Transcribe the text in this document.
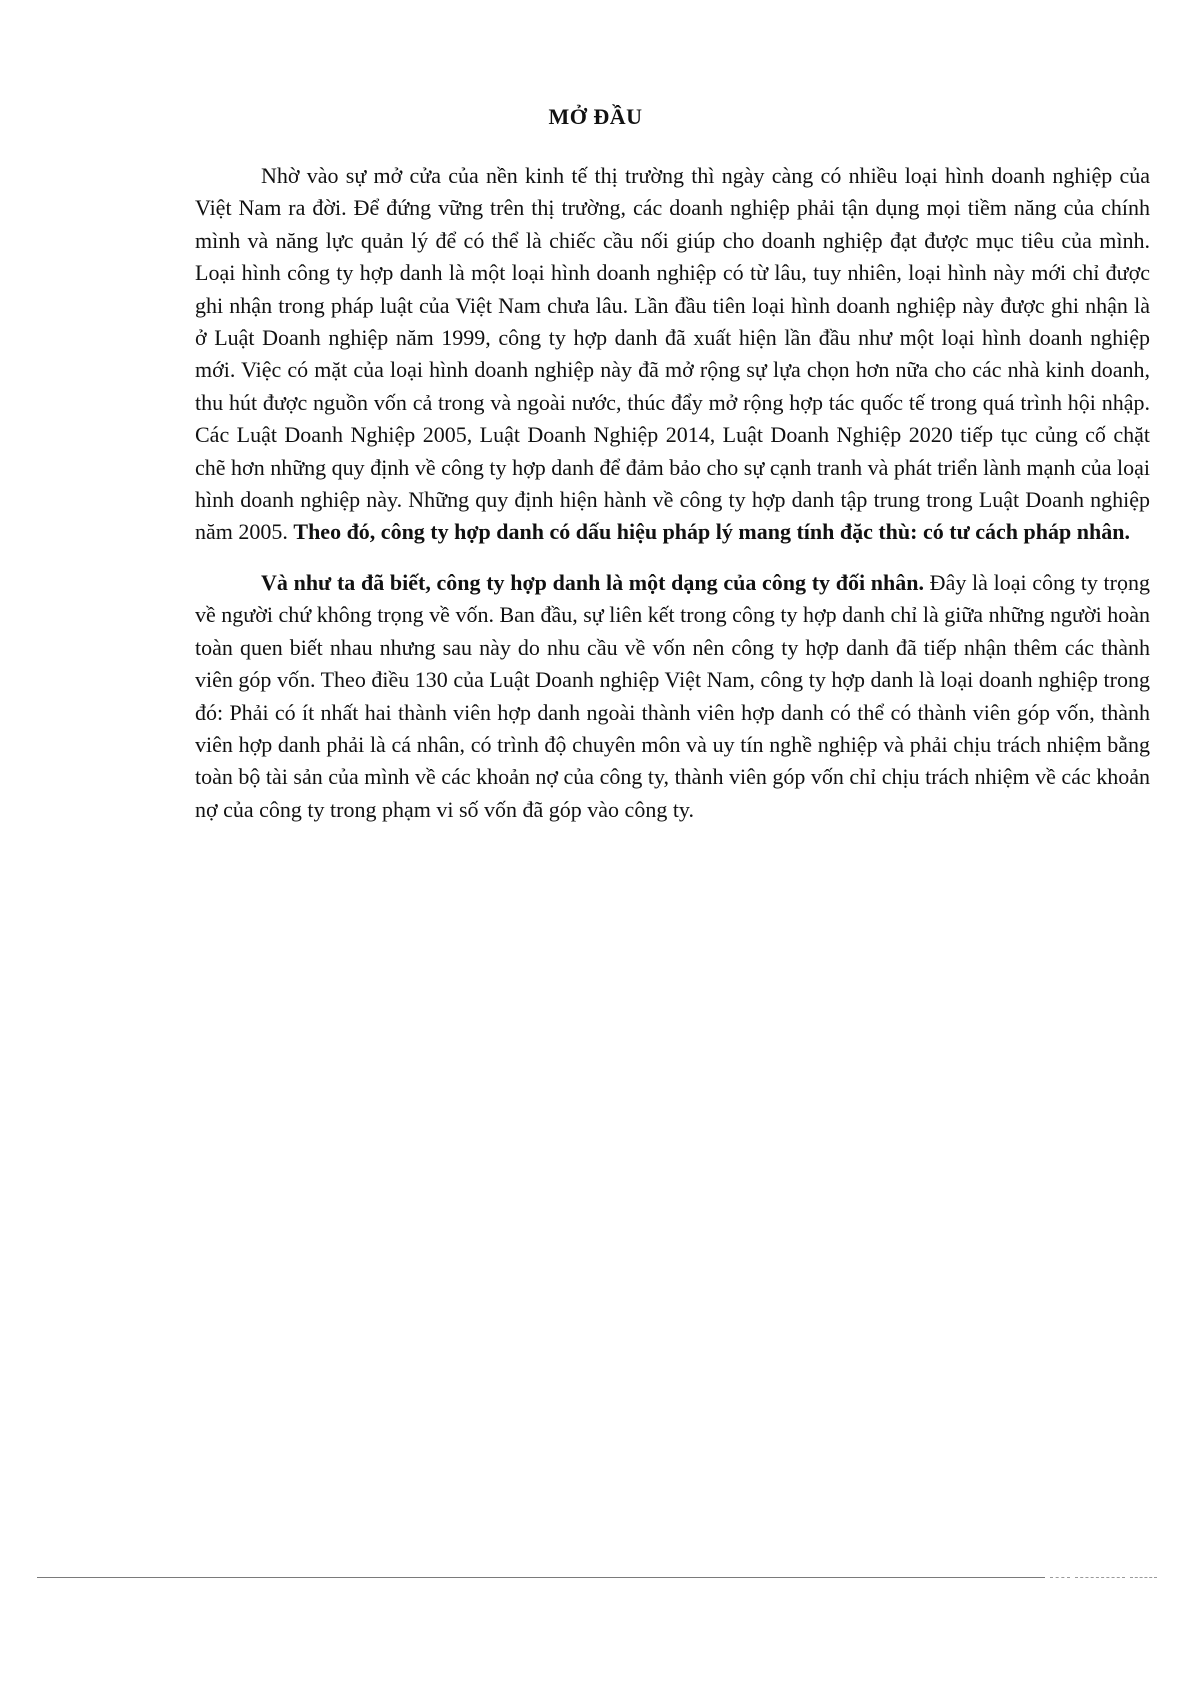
MỞ ĐẦU

Nhờ vào sự mở cửa của nền kinh tế thị trường thì ngày càng có nhiều loại hình doanh nghiệp của Việt Nam ra đời. Để đứng vững trên thị trường, các doanh nghiệp phải tận dụng mọi tiềm năng của chính mình và năng lực quản lý để có thể là chiếc cầu nối giúp cho doanh nghiệp đạt được mục tiêu của mình. Loại hình công ty hợp danh là một loại hình doanh nghiệp có từ lâu, tuy nhiên, loại hình này mới chỉ được ghi nhận trong pháp luật của Việt Nam chưa lâu. Lần đầu tiên loại hình doanh nghiệp này được ghi nhận là ở Luật Doanh nghiệp năm 1999, công ty hợp danh đã xuất hiện lần đầu như một loại hình doanh nghiệp mới. Việc có mặt của loại hình doanh nghiệp này đã mở rộng sự lựa chọn hơn nữa cho các nhà kinh doanh, thu hút được nguồn vốn cả trong và ngoài nước, thúc đẩy mở rộng hợp tác quốc tế trong quá trình hội nhập. Các Luật Doanh Nghiệp 2005, Luật Doanh Nghiệp 2014, Luật Doanh Nghiệp 2020 tiếp tục củng cố chặt chẽ hơn những quy định về công ty hợp danh để đảm bảo cho sự cạnh tranh và phát triển lành mạnh của loại hình doanh nghiệp này. Những quy định hiện hành về công ty hợp danh tập trung trong Luật Doanh nghiệp năm 2005. Theo đó, công ty hợp danh có dấu hiệu pháp lý mang tính đặc thù: có tư cách pháp nhân.

Và như ta đã biết, công ty hợp danh là một dạng của công ty đối nhân. Đây là loại công ty trọng về người chứ không trọng về vốn. Ban đầu, sự liên kết trong công ty hợp danh chỉ là giữa những người hoàn toàn quen biết nhau nhưng sau này do nhu cầu về vốn nên công ty hợp danh đã tiếp nhận thêm các thành viên góp vốn. Theo điều 130 của Luật Doanh nghiệp Việt Nam, công ty hợp danh là loại doanh nghiệp trong đó: Phải có ít nhất hai thành viên hợp danh ngoài thành viên hợp danh có thể có thành viên góp vốn, thành viên hợp danh phải là cá nhân, có trình độ chuyên môn và uy tín nghề nghiệp và phải chịu trách nhiệm bằng toàn bộ tài sản của mình về các khoản nợ của công ty, thành viên góp vốn chỉ chịu trách nhiệm về các khoản nợ của công ty trong phạm vi số vốn đã góp vào công ty.
